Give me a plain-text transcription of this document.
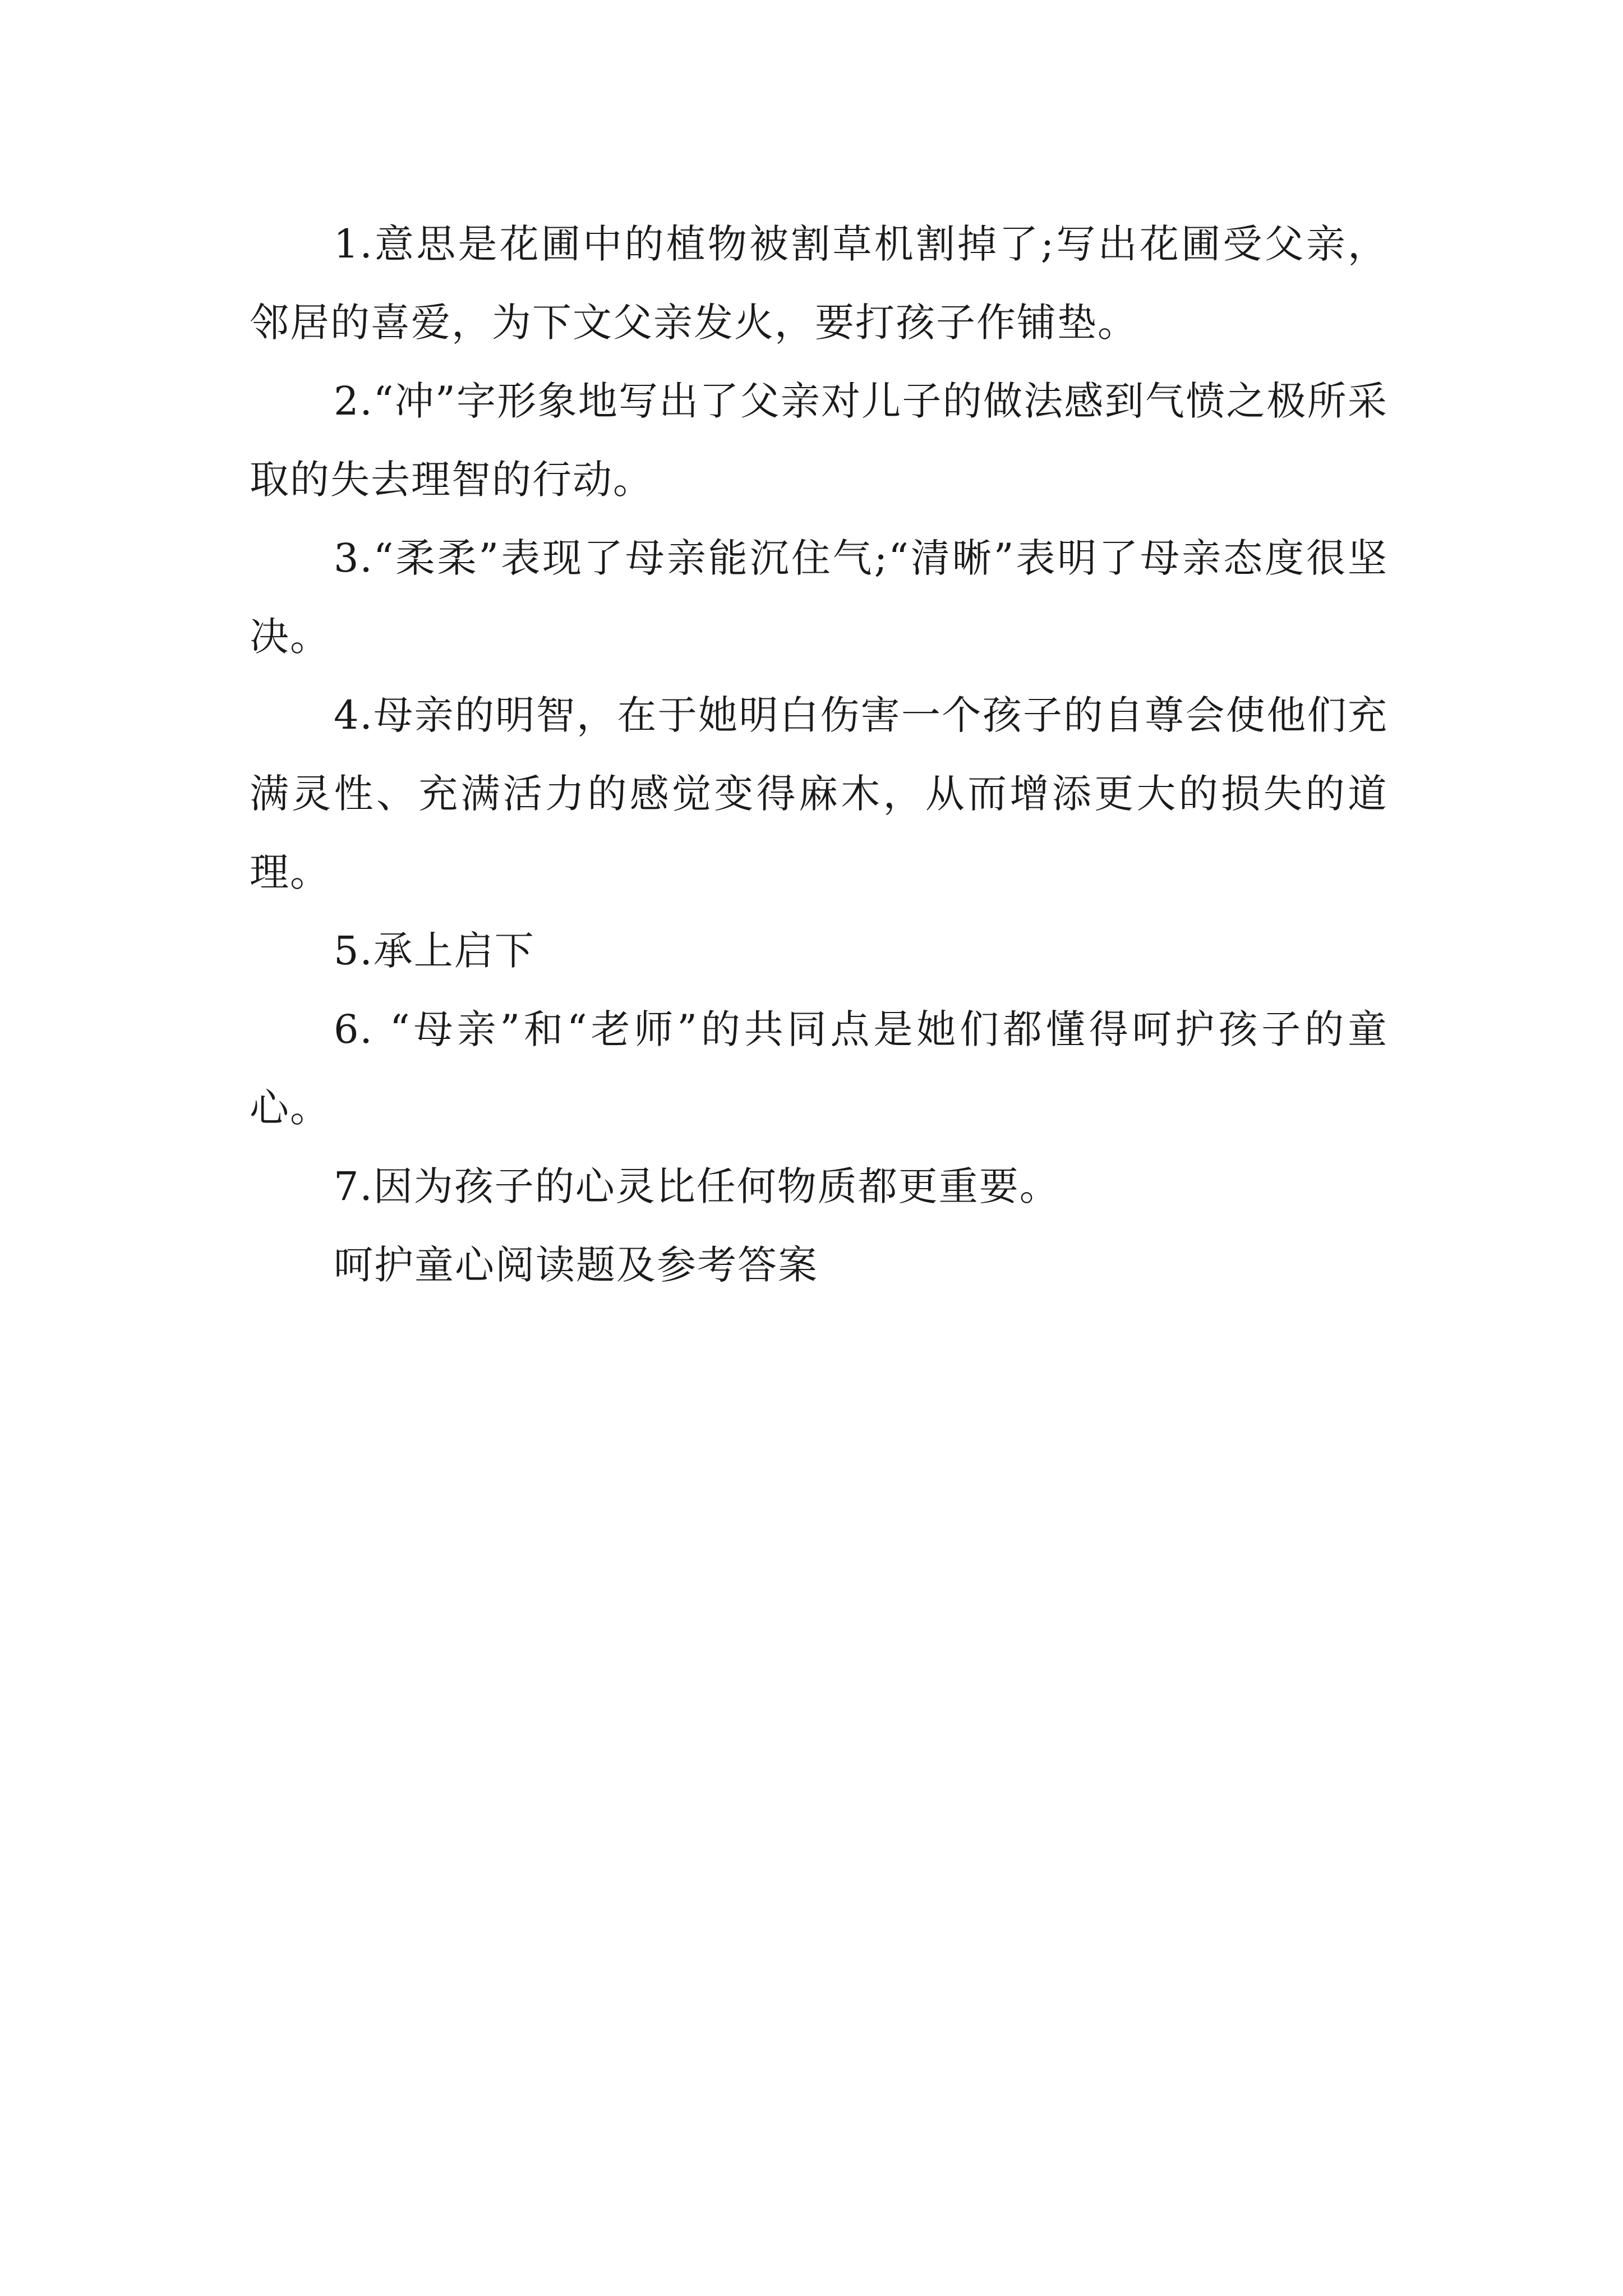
1.意思是花圃中的植物被割草机割掉了;写出花圃受父亲，邻居的喜爱，为下文父亲发火，要打孩子作铺垫。

2.“冲”字形象地写出了父亲对儿子的做法感到气愤之极所采取的失去理智的行动。

3.“柔柔”表现了母亲能沉住气;“清晰”表明了母亲态度很坚决。

4.母亲的明智，在于她明白伤害一个孩子的自尊会使他们充满灵性、充满活力的感觉变得麻木，从而增添更大的损失的道理。

5.承上启下

6. “母亲”和“老师”的共同点是她们都懂得呵护孩子的童心。

7.因为孩子的心灵比任何物质都更重要。

呵护童心阅读题及参考答案
